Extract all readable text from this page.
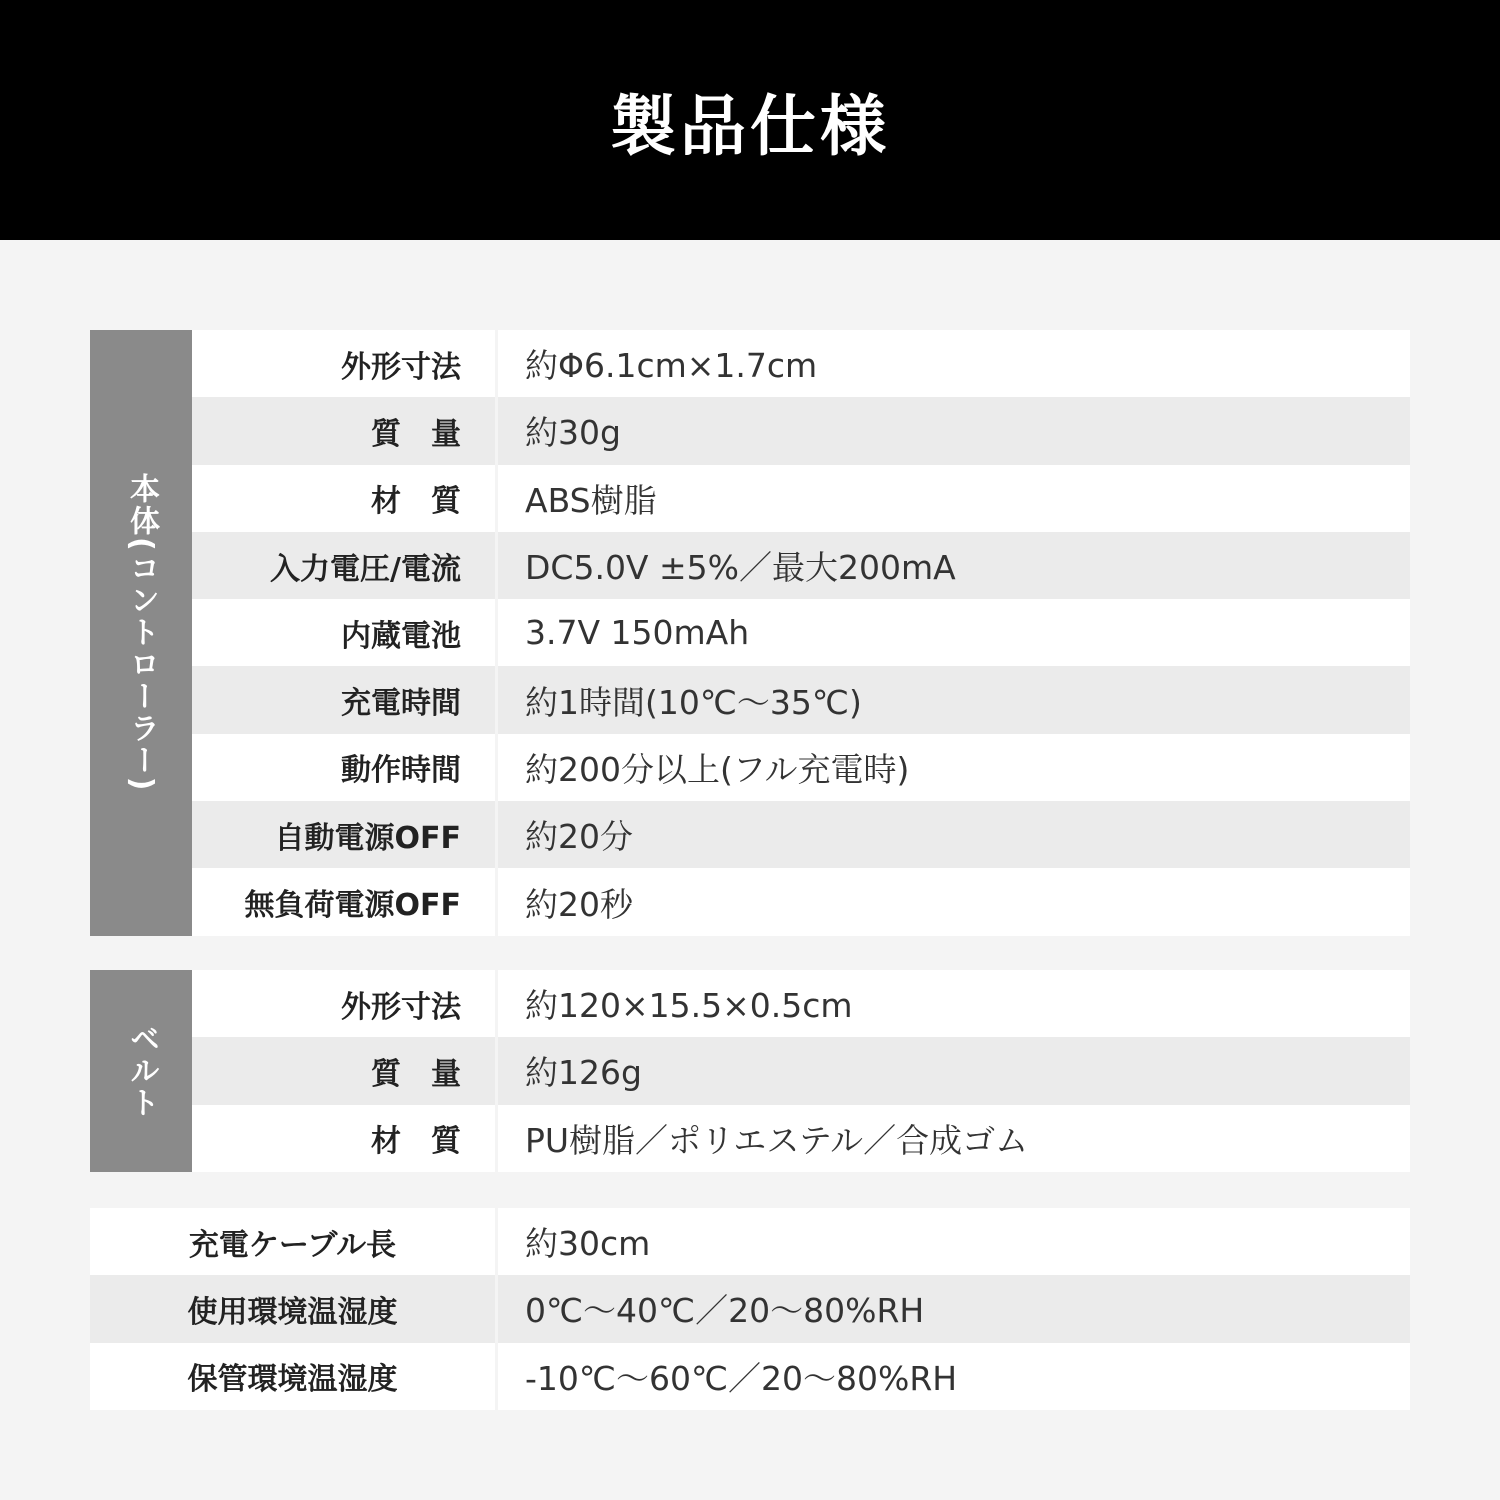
製品仕様
本体(コントローラー)
外形寸法	約Φ6.1cm×1.7cm
質　量	約30g
材　質	ABS樹脂
入力電圧/電流	DC5.0V ±5%／最大200mA
内蔵電池	3.7V 150mAh
充電時間	約1時間(10℃〜35℃)
動作時間	約200分以上(フル充電時)
自動電源OFF	約20分
無負荷電源OFF	約20秒
ベルト
外形寸法	約120×15.5×0.5cm
質　量	約126g
材　質	PU樹脂／ポリエステル／合成ゴム
充電ケーブル長	約30cm
使用環境温湿度	0℃〜40℃／20〜80%RH
保管環境温湿度	-10℃〜60℃／20〜80%RH
